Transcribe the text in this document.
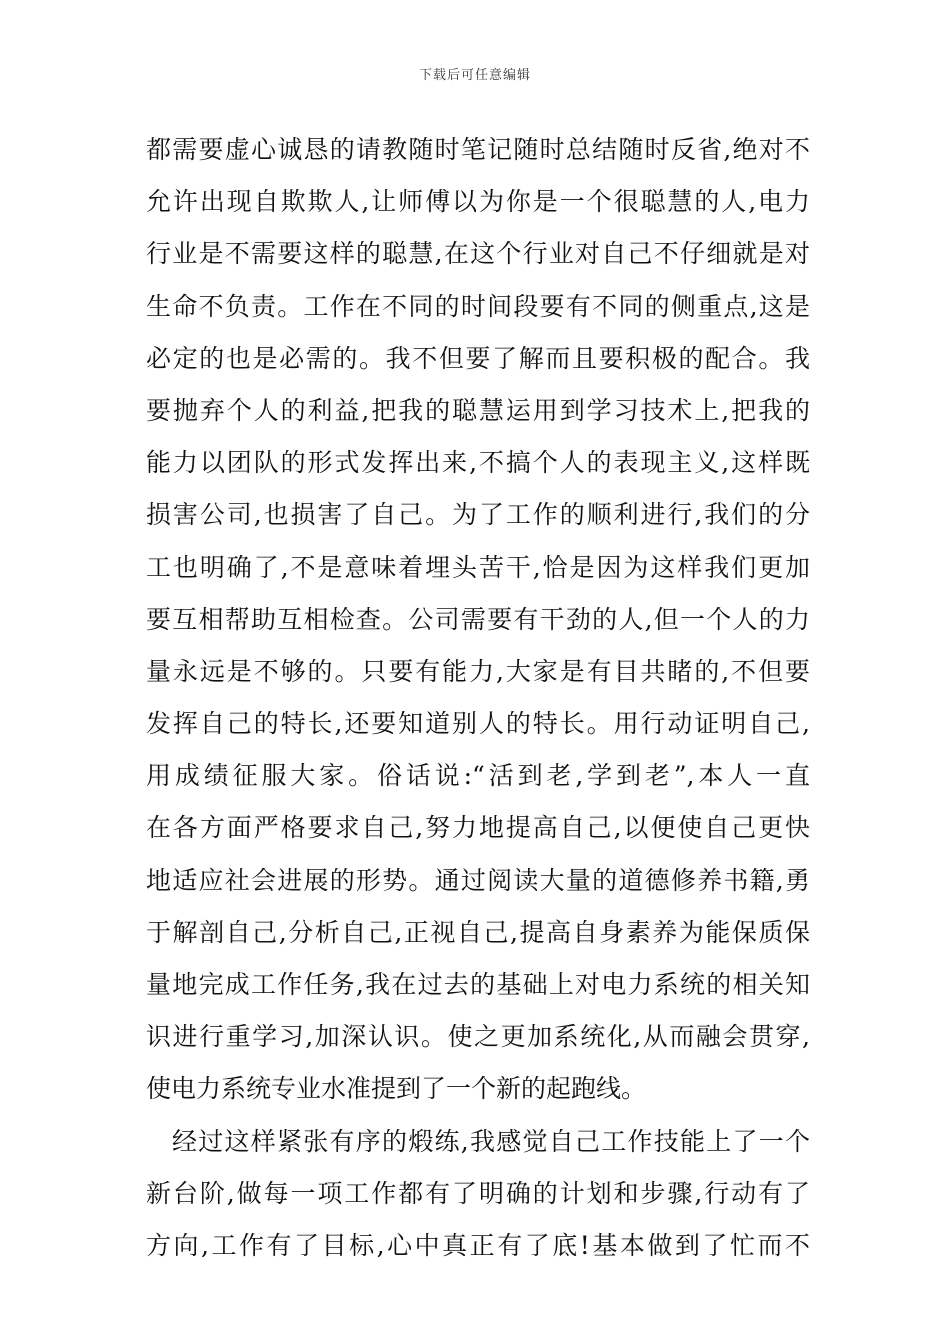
下载后可任意编辑
都需要虚心诚恳的请教随时笔记随时总结随时反省,绝对不
允许出现自欺欺人,让师傅以为你是一个很聪慧的人,电力
行业是不需要这样的聪慧,在这个行业对自己不仔细就是对
生命不负责。工作在不同的时间段要有不同的侧重点,这是
必定的也是必需的。我不但要了解而且要积极的配合。我
要抛弃个人的利益,把我的聪慧运用到学习技术上,把我的
能力以团队的形式发挥出来,不搞个人的表现主义,这样既
损害公司,也损害了自己。为了工作的顺利进行,我们的分
工也明确了,不是意味着埋头苦干,恰是因为这样我们更加
要互相帮助互相检查。公司需要有干劲的人,但一个人的力
量永远是不够的。只要有能力,大家是有目共睹的,不但要
发挥自己的特长,还要知道别人的特长。用行动证明自己,
用成绩征服大家。俗话说:“活到老,学到老”,本人一直
在各方面严格要求自己,努力地提高自己,以便使自己更快
地适应社会进展的形势。通过阅读大量的道德修养书籍,勇
于解剖自己,分析自己,正视自己,提高自身素养为能保质保
量地完成工作任务,我在过去的基础上对电力系统的相关知
识进行重学习,加深认识。使之更加系统化,从而融会贯穿,
使电力系统专业水准提到了一个新的起跑线。
经过这样紧张有序的煅练,我感觉自己工作技能上了一个
新台阶,做每一项工作都有了明确的计划和步骤,行动有了
方向,工作有了目标,心中真正有了底!基本做到了忙而不
